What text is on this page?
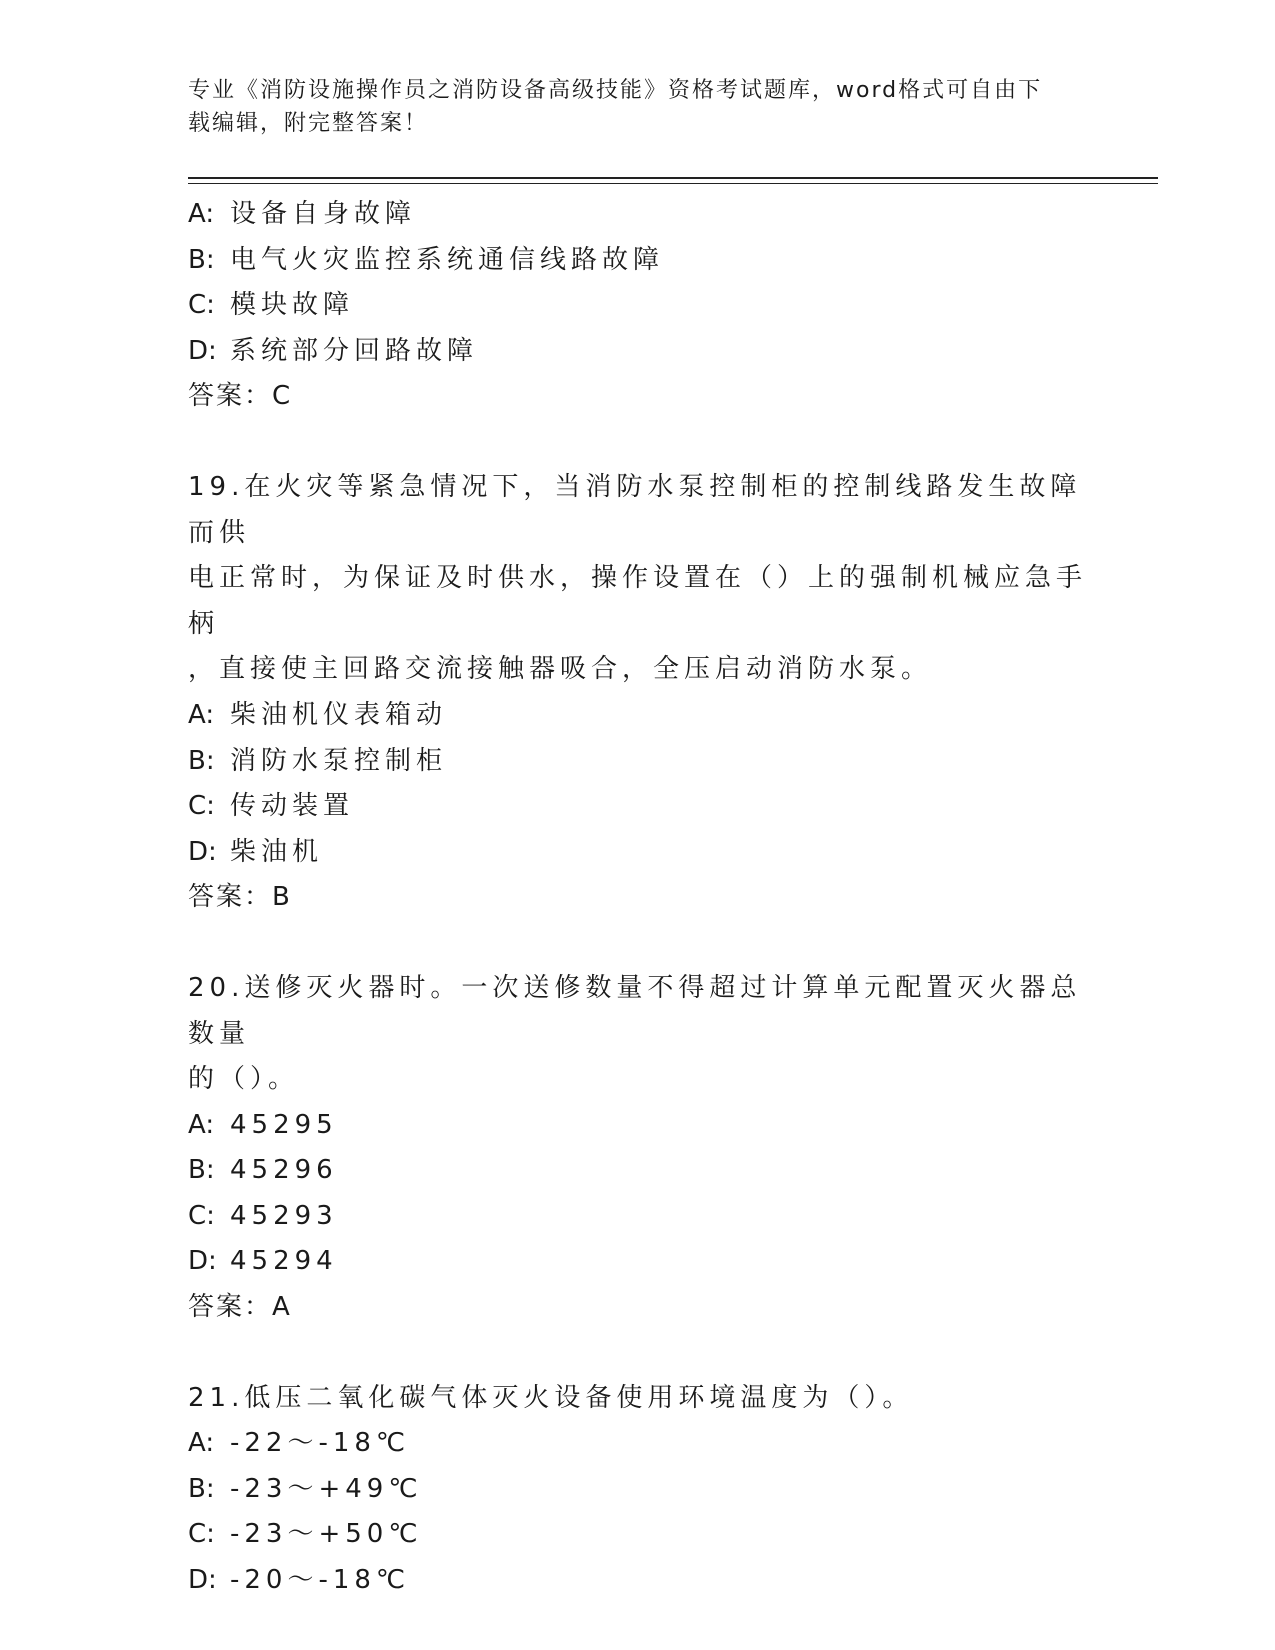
专业《消防设施操作员之消防设备高级技能》资格考试题库，word格式可自由下
载编辑，附完整答案！
A: 设备自身故障
B: 电气火灾监控系统通信线路故障
C: 模块故障
D: 系统部分回路故障
答案：C
19.在火灾等紧急情况下，当消防水泵控制柜的控制线路发生故障而供
电正常时，为保证及时供水，操作设置在（）上的强制机械应急手柄
，直接使主回路交流接触器吸合，全压启动消防水泵。
A: 柴油机仪表箱动
B: 消防水泵控制柜
C: 传动装置
D: 柴油机
答案：B
20.送修灭火器时。一次送修数量不得超过计算单元配置灭火器总数量
的（）。
A: 45295
B: 45296
C: 45293
D: 45294
答案：A
21.低压二氧化碳气体灭火设备使用环境温度为（）。
A: -22～-18℃
B: -23～+49℃
C: -23～+50℃
D: -20～-18℃
